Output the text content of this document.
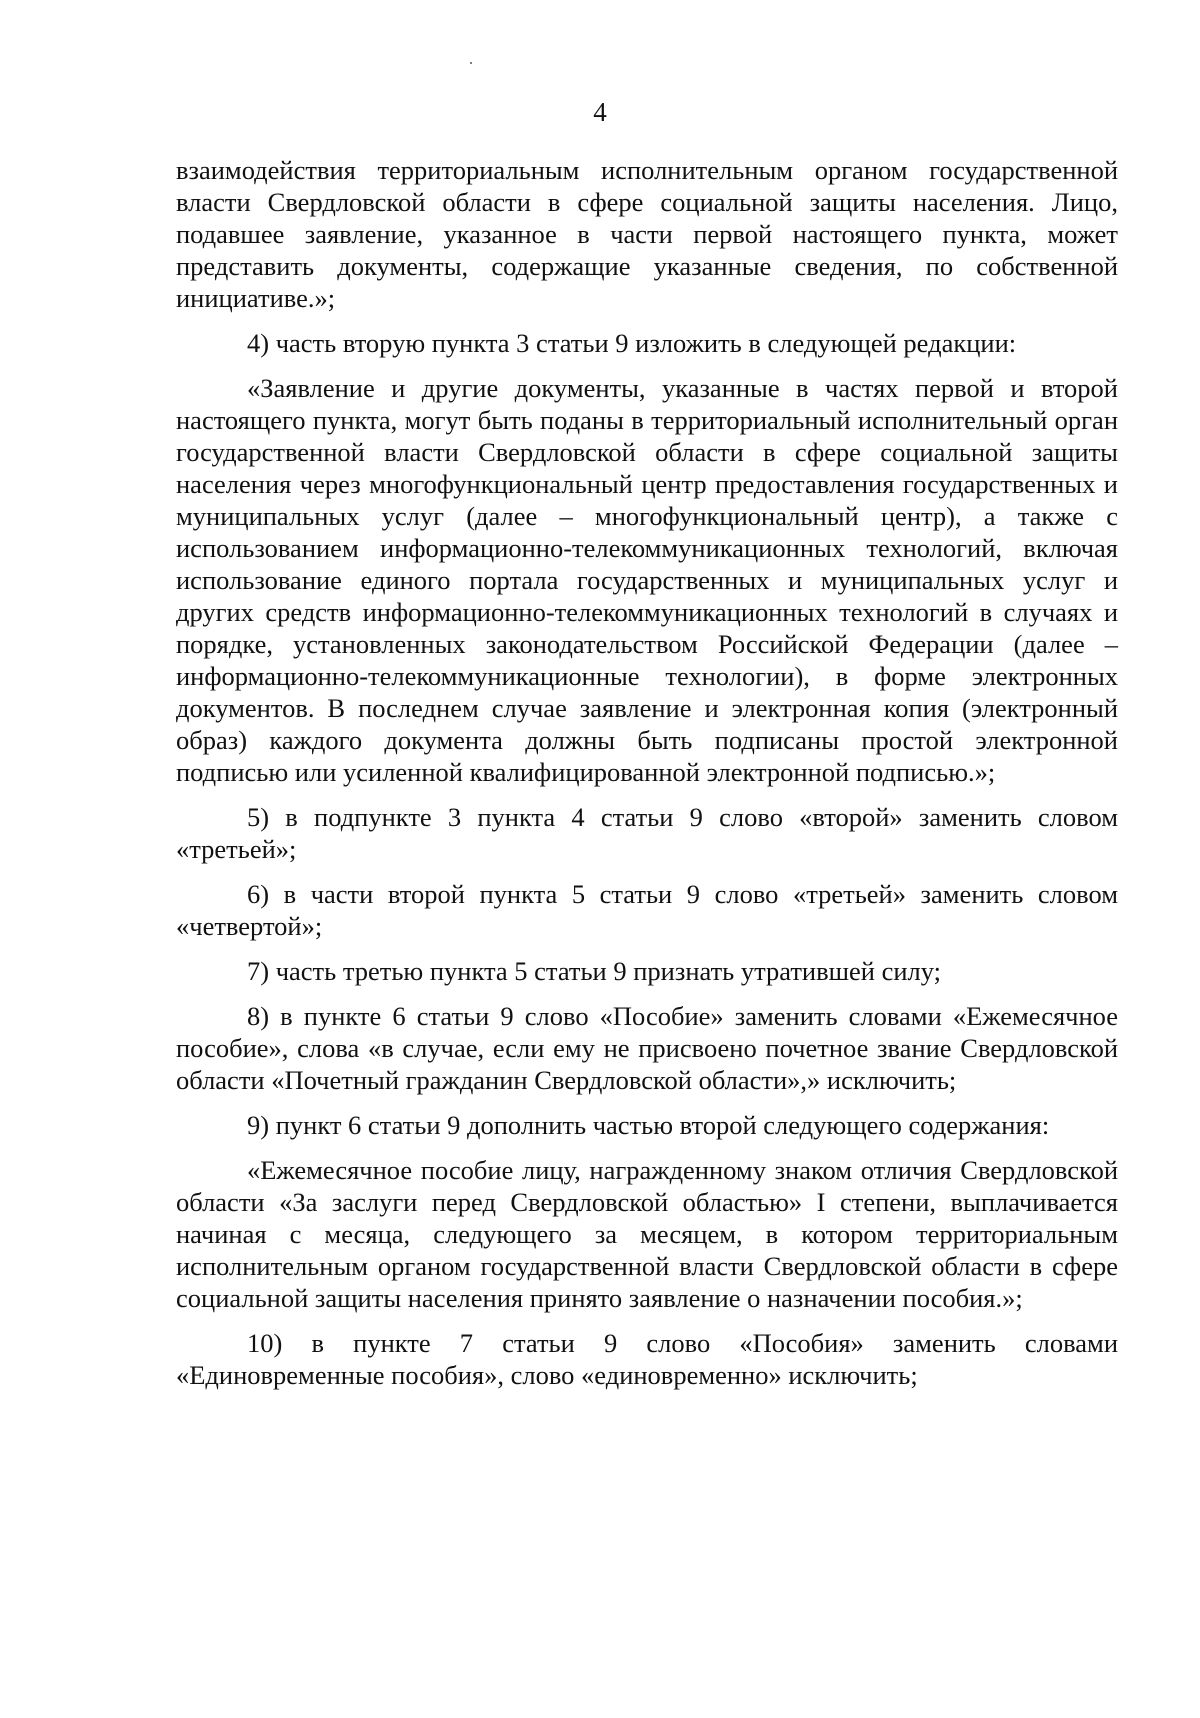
4

взаимодействия территориальным исполнительным органом государственной власти Свердловской области в сфере социальной защиты населения. Лицо, подавшее заявление, указанное в части первой настоящего пункта, может представить документы, содержащие указанные сведения, по собственной инициативе.»;

4) часть вторую пункта 3 статьи 9 изложить в следующей редакции:

«Заявление и другие документы, указанные в частях первой и второй настоящего пункта, могут быть поданы в территориальный исполнительный орган государственной власти Свердловской области в сфере социальной защиты населения через многофункциональный центр предоставления государственных и муниципальных услуг (далее – многофункциональный центр), а также с использованием информационно-телекоммуникационных технологий, включая использование единого портала государственных и муниципальных услуг и других средств информационно-телекоммуникационных технологий в случаях и порядке, установленных законодательством Российской Федерации (далее – информационно-телекоммуникационные технологии), в форме электронных документов. В последнем случае заявление и электронная копия (электронный образ) каждого документа должны быть подписаны простой электронной подписью или усиленной квалифицированной электронной подписью.»;

5) в подпункте 3 пункта 4 статьи 9 слово «второй» заменить словом «третьей»;

6) в части второй пункта 5 статьи 9 слово «третьей» заменить словом «четвертой»;

7) часть третью пункта 5 статьи 9 признать утратившей силу;

8) в пункте 6 статьи 9 слово «Пособие» заменить словами «Ежемесячное пособие», слова «в случае, если ему не присвоено почетное звание Свердловской области «Почетный гражданин Свердловской области»,» исключить;

9) пункт 6 статьи 9 дополнить частью второй следующего содержания:

«Ежемесячное пособие лицу, награжденному знаком отличия Свердловской области «За заслуги перед Свердловской областью» I степени, выплачивается начиная с месяца, следующего за месяцем, в котором территориальным исполнительным органом государственной власти Свердловской области в сфере социальной защиты населения принято заявление о назначении пособия.»;

10) в пункте 7 статьи 9 слово «Пособия» заменить словами «Единовременные пособия», слово «единовременно» исключить;
